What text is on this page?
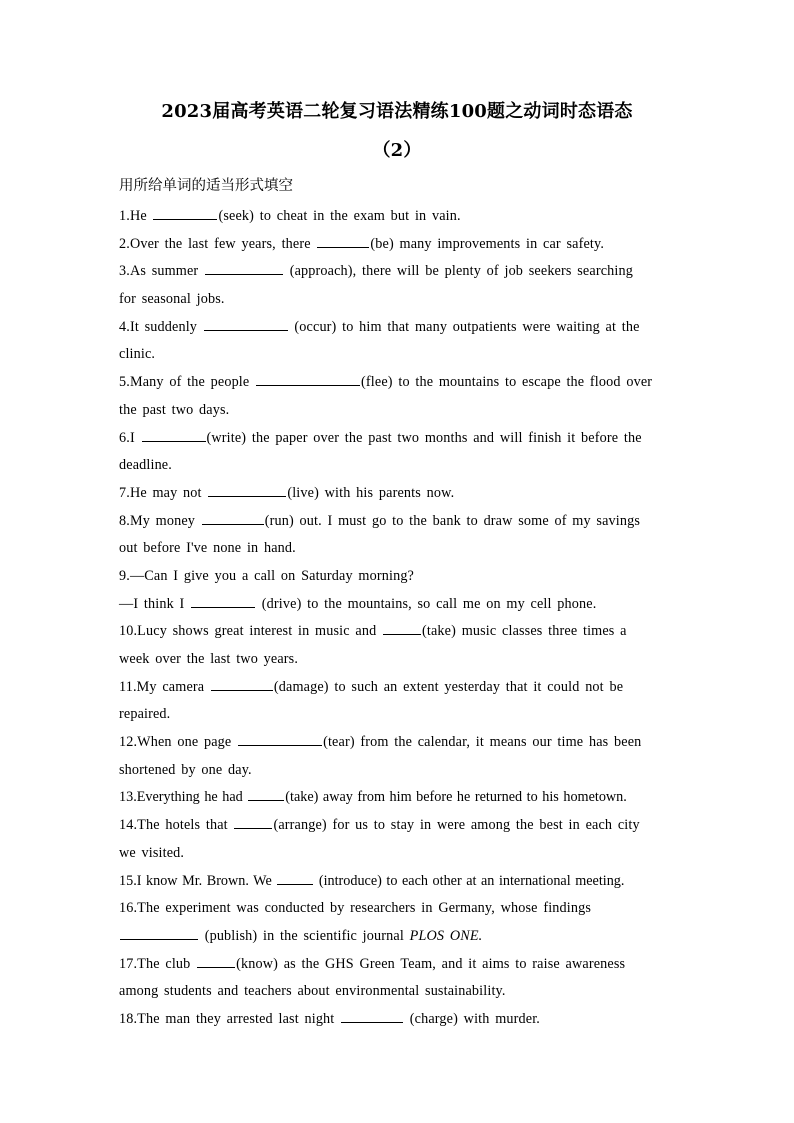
2023届高考英语二轮复习语法精练100题之动词时态语态
（2）
用所给单词的适当形式填空
1.He	(seek) to cheat in the exam but in vain.
2.Over the last few years, there	(be) many improvements in car safety.
3.As summer	(approach), there will be plenty of job seekers searching
for seasonal jobs.
4.It suddenly	(occur) to him that many outpatients were waiting at the
clinic.
5.Many of the people	(flee) to the mountains to escape the flood over
the past two days.
6.I	(write) the paper over the past two months and will finish it before the
deadline.
7.He may not	(live) with his parents now.
8.My money	(run) out. I must go to the bank to draw some of my savings
out before I've none in hand.
9.—Can I give you a call on Saturday morning?
—I think I	(drive) to the mountains, so call me on my cell phone.
10.Lucy shows great interest in music and	(take) music classes three times a
week over the last two years.
11.My camera	(damage) to such an extent yesterday that it could not be
repaired.
12.When one page	(tear) from the calendar, it means our time has been
shortened by one day.
13.Everything he had	(take) away from him before he returned to his hometown.
14.The hotels that	(arrange) for us to stay in were among the best in each city
we visited.
15.I know Mr. Brown. We	(introduce) to each other at an international meeting.
16.The experiment was conducted by researchers in Germany, whose findings
(publish) in the scientific journal PLOS ONE.
17.The club	(know) as the GHS Green Team, and it aims to raise awareness
among students and teachers about environmental sustainability.
18.The man they arrested last night	(charge) with murder.
